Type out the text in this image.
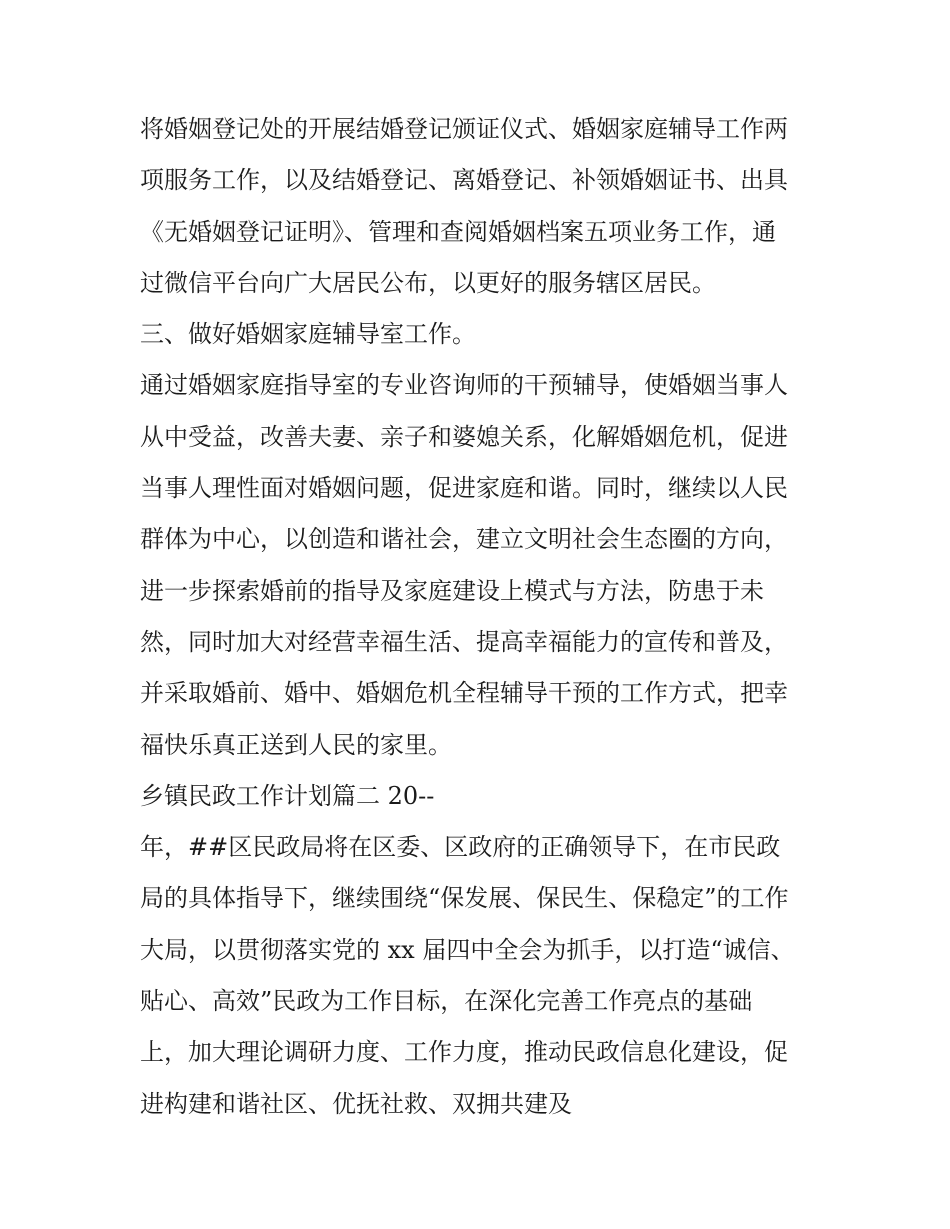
将婚姻登记处的开展结婚登记颁证仪式、婚姻家庭辅导工作两
项服务工作，以及结婚登记、离婚登记、补领婚姻证书、出具
《无婚姻登记证明》、管理和查阅婚姻档案五项业务工作，通
过微信平台向广大居民公布，以更好的服务辖区居民。
三、做好婚姻家庭辅导室工作。
通过婚姻家庭指导室的专业咨询师的干预辅导，使婚姻当事人
从中受益，改善夫妻、亲子和婆媳关系，化解婚姻危机，促进
当事人理性面对婚姻问题，促进家庭和谐。同时，继续以人民
群体为中心，以创造和谐社会，建立文明社会生态圈的方向，
进一步探索婚前的指导及家庭建设上模式与方法，防患于未
然，同时加大对经营幸福生活、提高幸福能力的宣传和普及，
并采取婚前、婚中、婚姻危机全程辅导干预的工作方式，把幸
福快乐真正送到人民的家里。
乡镇民政工作计划篇二 20--
年，##区民政局将在区委、区政府的正确领导下，在市民政
局的具体指导下，继续围绕“保发展、保民生、保稳定”的工作
大局，以贯彻落实党的 xx 届四中全会为抓手，以打造“诚信、
贴心、高效”民政为工作目标，在深化完善工作亮点的基础
上，加大理论调研力度、工作力度，推动民政信息化建设，促
进构建和谐社区、优抚社救、双拥共建及
